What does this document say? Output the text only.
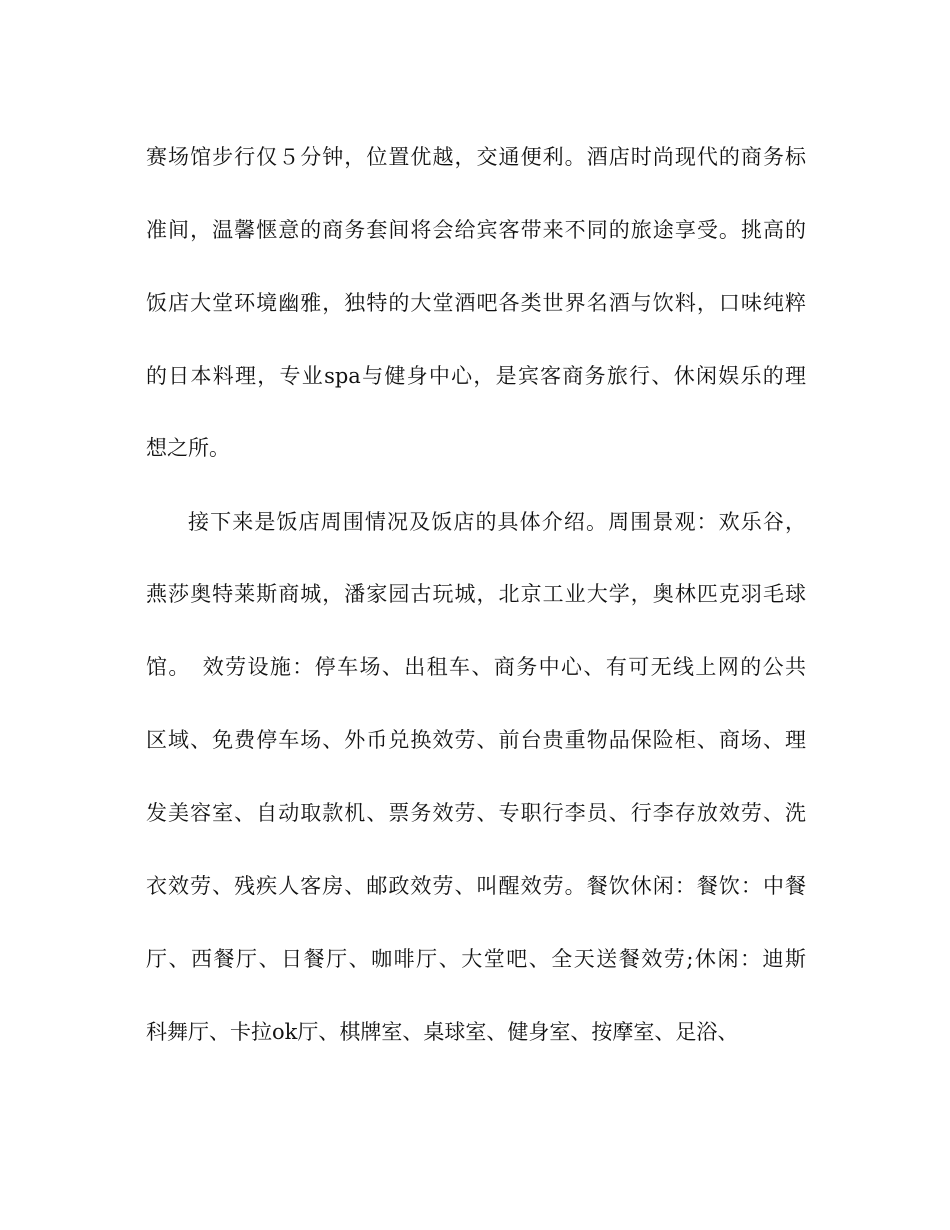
赛场馆步行仅５分钟，位置优越，交通便利。酒店时尚现代的商务标
准间，温馨惬意的商务套间将会给宾客带来不同的旅途享受。挑高的
饭店大堂环境幽雅，独特的大堂酒吧各类世界名酒与饮料，口味纯粹
的日本料理，专业spa与健身中心，是宾客商务旅行、休闲娱乐的理
想之所。
接下来是饭店周围情况及饭店的具体介绍。周围景观：欢乐谷，
燕莎奥特莱斯商城，潘家园古玩城，北京工业大学，奥林匹克羽毛球
馆。　效劳设施：停车场、出租车、商务中心、有可无线上网的公共
区域、免费停车场、外币兑换效劳、前台贵重物品保险柜、商场、理
发美容室、自动取款机、票务效劳、专职行李员、行李存放效劳、洗
衣效劳、残疾人客房、邮政效劳、叫醒效劳。餐饮休闲：餐饮：中餐
厅、西餐厅、日餐厅、咖啡厅、大堂吧、全天送餐效劳;休闲：迪斯
科舞厅、卡拉ok厅、棋牌室、桌球室、健身室、按摩室、足浴、
